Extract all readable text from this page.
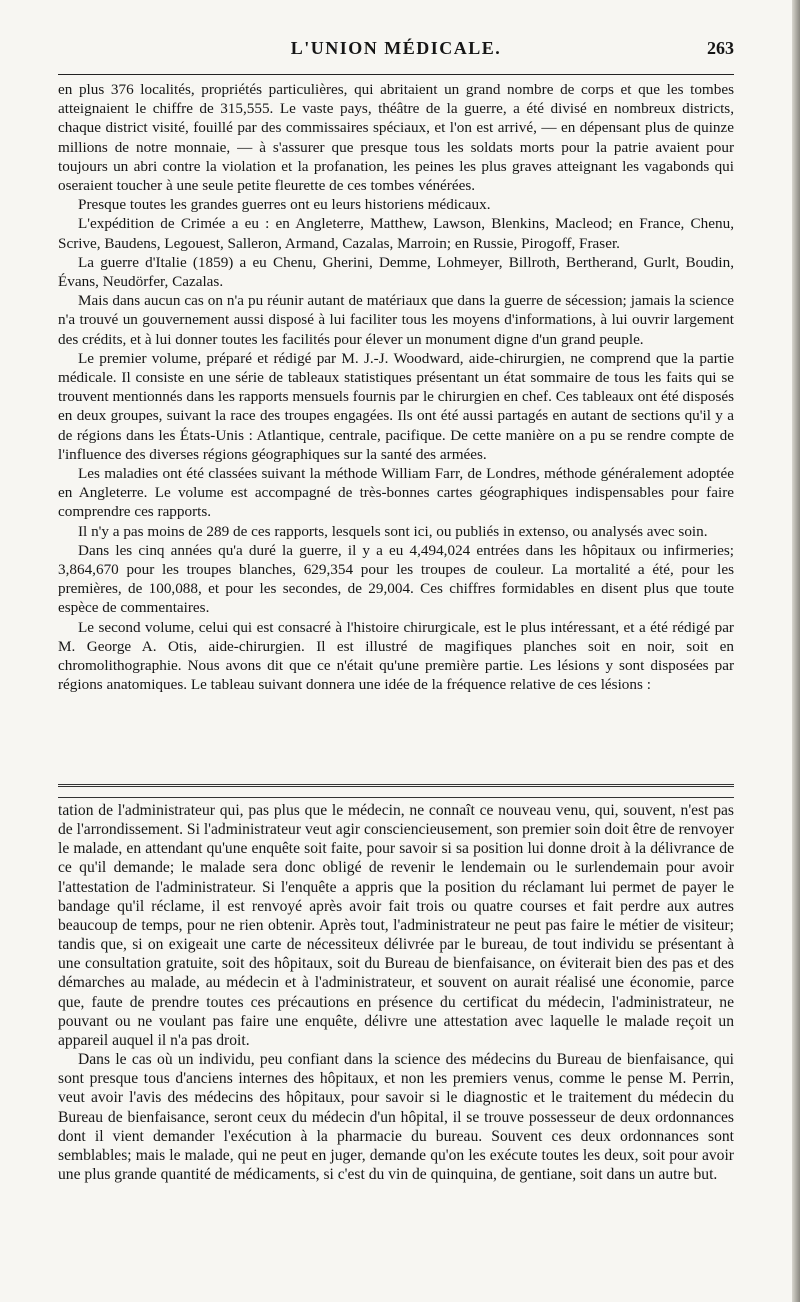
L'UNION MÉDICALE.	263

en plus 376 localités, propriétés particulières, qui abritaient un grand nombre de corps et que les tombes atteignaient le chiffre de 315,555. Le vaste pays, théâtre de la guerre, a été divisé en nombreux districts, chaque district visité, fouillé par des commissaires spéciaux, et l'on est arrivé, — en dépensant plus de quinze millions de notre monnaie, — à s'assurer que presque tous les soldats morts pour la patrie avaient pour toujours un abri contre la violation et la profanation, les peines les plus graves atteignant les vagabonds qui oseraient toucher à une seule petite fleurette de ces tombes vénérées.

Presque toutes les grandes guerres ont eu leurs historiens médicaux.

L'expédition de Crimée a eu : en Angleterre, Matthew, Lawson, Blenkins, Macleod; en France, Chenu, Scrive, Baudens, Legouest, Salleron, Armand, Cazalas, Marroin; en Russie, Pirogoff, Fraser.

La guerre d'Italie (1859) a eu Chenu, Gherini, Demme, Lohmeyer, Billroth, Bertherand, Gurlt, Boudin, Évans, Neudörfer, Cazalas.

Mais dans aucun cas on n'a pu réunir autant de matériaux que dans la guerre de sécession; jamais la science n'a trouvé un gouvernement aussi disposé à lui faciliter tous les moyens d'informations, à lui ouvrir largement des crédits, et à lui donner toutes les facilités pour élever un monument digne d'un grand peuple.

Le premier volume, préparé et rédigé par M. J.-J. Woodward, aide-chirurgien, ne comprend que la partie médicale. Il consiste en une série de tableaux statistiques présentant un état sommaire de tous les faits qui se trouvent mentionnés dans les rapports mensuels fournis par le chirurgien en chef. Ces tableaux ont été disposés en deux groupes, suivant la race des troupes engagées. Ils ont été aussi partagés en autant de sections qu'il y a de régions dans les États-Unis : Atlantique, centrale, pacifique. De cette manière on a pu se rendre compte de l'influence des diverses régions géographiques sur la santé des armées.

Les maladies ont été classées suivant la méthode William Farr, de Londres, méthode généralement adoptée en Angleterre. Le volume est accompagné de très-bonnes cartes géographiques indispensables pour faire comprendre ces rapports.

Il n'y a pas moins de 289 de ces rapports, lesquels sont ici, ou publiés in extenso, ou analysés avec soin.

Dans les cinq années qu'a duré la guerre, il y a eu 4,494,024 entrées dans les hôpitaux ou infirmeries; 3,864,670 pour les troupes blanches, 629,354 pour les troupes de couleur. La mortalité a été, pour les premières, de 100,088, et pour les secondes, de 29,004. Ces chiffres formidables en disent plus que toute espèce de commentaires.

Le second volume, celui qui est consacré à l'histoire chirurgicale, est le plus intéressant, et a été rédigé par M. George A. Otis, aide-chirurgien. Il est illustré de magifiques planches soit en noir, soit en chromolithographie. Nous avons dit que ce n'était qu'une première partie. Les lésions y sont disposées par régions anatomiques. Le tableau suivant donnera une idée de la fréquence relative de ces lésions :

tation de l'administrateur qui, pas plus que le médecin, ne connaît ce nouveau venu, qui, souvent, n'est pas de l'arrondissement. Si l'administrateur veut agir consciencieusement, son premier soin doit être de renvoyer le malade, en attendant qu'une enquête soit faite, pour savoir si sa position lui donne droit à la délivrance de ce qu'il demande; le malade sera donc obligé de revenir le lendemain ou le surlendemain pour avoir l'attestation de l'administrateur. Si l'enquête a appris que la position du réclamant lui permet de payer le bandage qu'il réclame, il est renvoyé après avoir fait trois ou quatre courses et fait perdre aux autres beaucoup de temps, pour ne rien obtenir. Après tout, l'administrateur ne peut pas faire le métier de visiteur; tandis que, si on exigeait une carte de nécessiteux délivrée par le bureau, de tout individu se présentant à une consultation gratuite, soit des hôpitaux, soit du Bureau de bienfaisance, on éviterait bien des pas et des démarches au malade, au médecin et à l'administrateur, et souvent on aurait réalisé une économie, parce que, faute de prendre toutes ces précautions en présence du certificat du médecin, l'administrateur, ne pouvant ou ne voulant pas faire une enquête, délivre une attestation avec laquelle le malade reçoit un appareil auquel il n'a pas droit.

Dans le cas où un individu, peu confiant dans la science des médecins du Bureau de bienfaisance, qui sont presque tous d'anciens internes des hôpitaux, et non les premiers venus, comme le pense M. Perrin, veut avoir l'avis des médecins des hôpitaux, pour savoir si le diagnostic et le traitement du médecin du Bureau de bienfaisance, seront ceux du médecin d'un hôpital, il se trouve possesseur de deux ordonnances dont il vient demander l'exécution à la pharmacie du bureau. Souvent ces deux ordonnances sont semblables; mais le malade, qui ne peut en juger, demande qu'on les exécute toutes les deux, soit pour avoir une plus grande quantité de médicaments, si c'est du vin de quinquina, de gentiane, soit dans un autre but.
